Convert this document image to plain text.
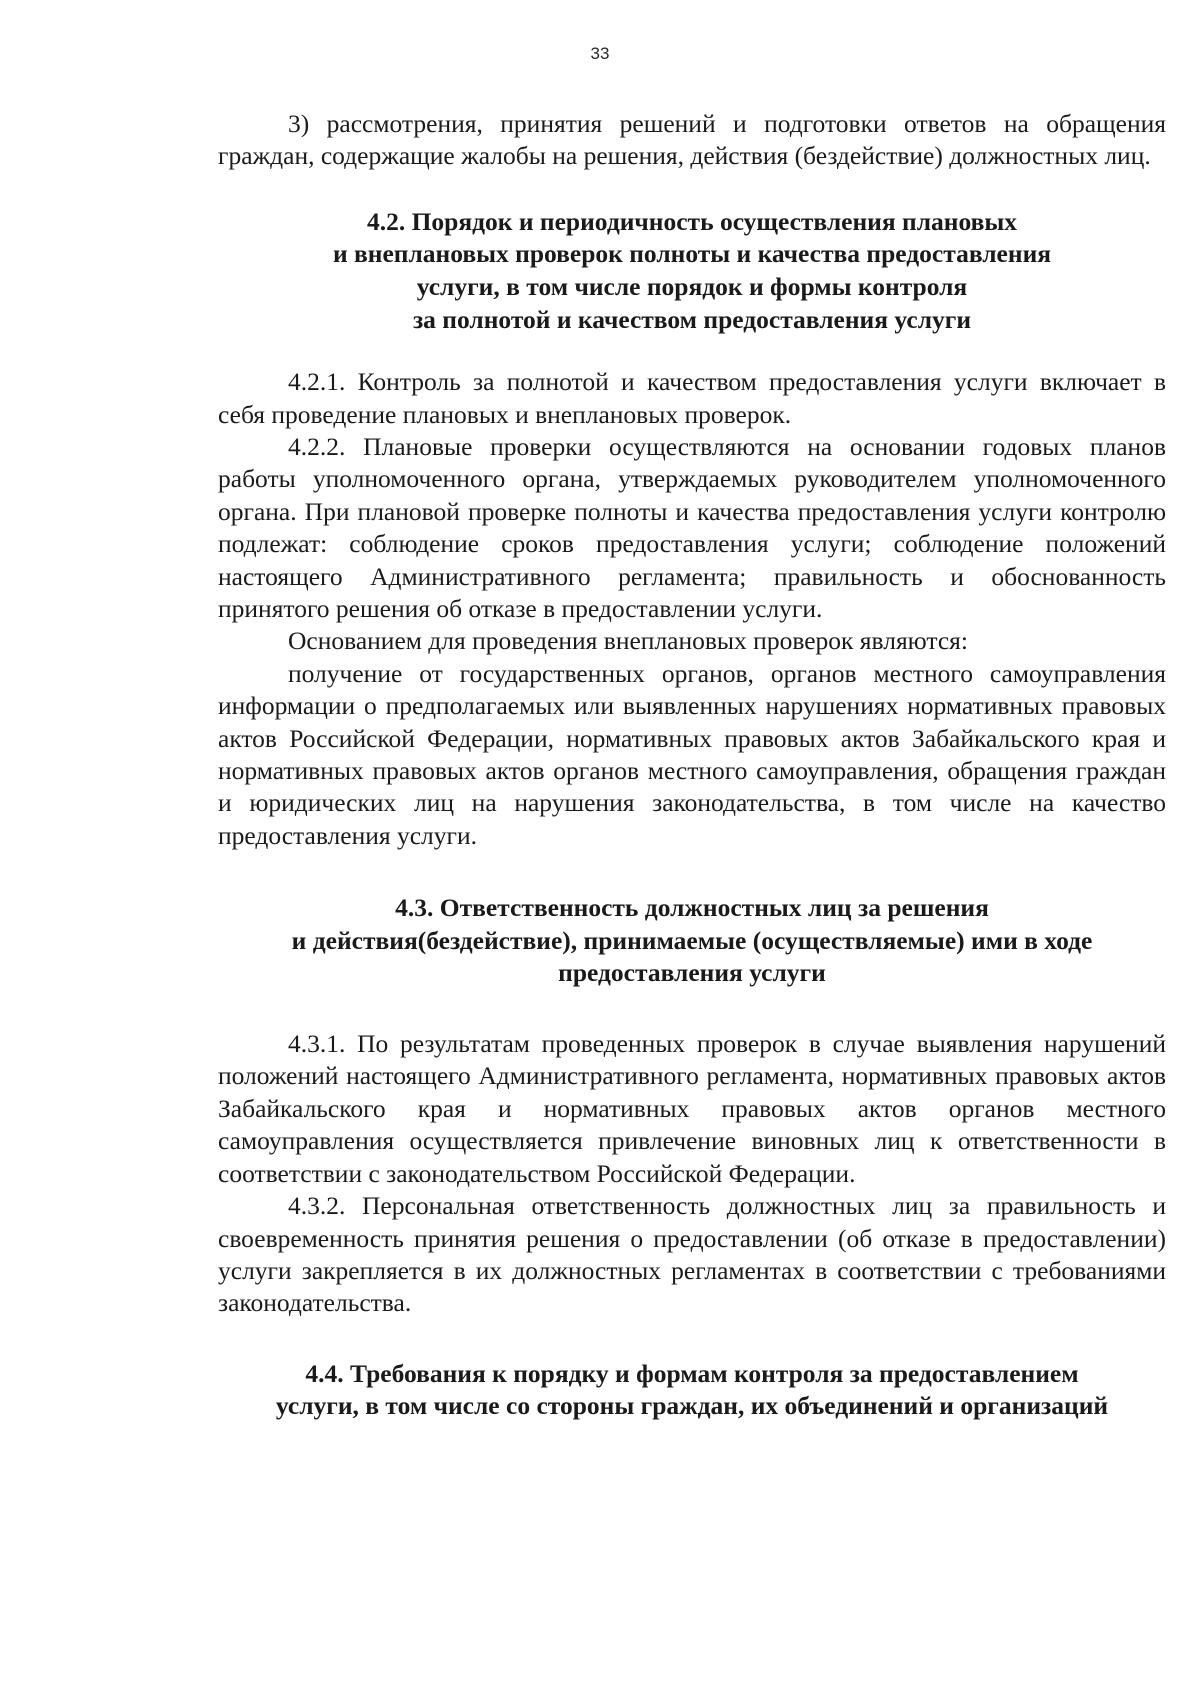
33

3) рассмотрения, принятия решений и подготовки ответов на обращения граждан, содержащие жалобы на решения, действия (бездействие) должностных лиц.

4.2. Порядок и периодичность осуществления плановых
и внеплановых проверок полноты и качества предоставления
услуги, в том числе порядок и формы контроля
за полнотой и качеством предоставления услуги

4.2.1. Контроль за полнотой и качеством предоставления услуги включает в себя проведение плановых и внеплановых проверок.

4.2.2. Плановые проверки осуществляются на основании годовых планов работы уполномоченного органа, утверждаемых руководителем уполномоченного органа. При плановой проверке полноты и качества предоставления услуги контролю подлежат: соблюдение сроков предоставления услуги; соблюдение положений настоящего Административного регламента; правильность и обоснованность принятого решения об отказе в предоставлении услуги.

Основанием для проведения внеплановых проверок являются:

получение от государственных органов, органов местного самоуправления информации о предполагаемых или выявленных нарушениях нормативных правовых актов Российской Федерации, нормативных правовых актов Забайкальского края и нормативных правовых актов органов местного самоуправления, обращения граждан и юридических лиц на нарушения законодательства, в том числе на качество предоставления услуги.

4.3. Ответственность должностных лиц за решения
и действия(бездействие), принимаемые (осуществляемые) ими в ходе
предоставления услуги

4.3.1. По результатам проведенных проверок в случае выявления нарушений положений настоящего Административного регламента, нормативных правовых актов Забайкальского края и нормативных правовых актов органов местного самоуправления осуществляется привлечение виновных лиц к ответственности в соответствии с законодательством Российской Федерации.

4.3.2. Персональная ответственность должностных лиц за правильность и своевременность принятия решения о предоставлении (об отказе в предоставлении) услуги закрепляется в их должностных регламентах в соответствии с требованиями законодательства.

4.4. Требования к порядку и формам контроля за предоставлением
услуги, в том числе со стороны граждан, их объединений и организаций
